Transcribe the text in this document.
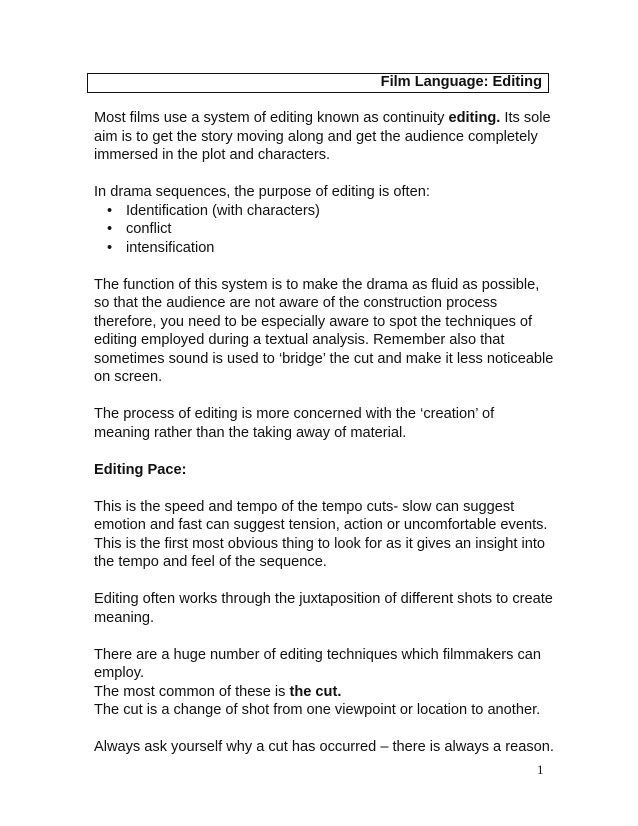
Film Language: Editing

Most films use a system of editing known as continuity editing. Its sole aim is to get the story moving along and get the audience completely immersed in the plot and characters.

In drama sequences, the purpose of editing is often:

• Identification (with characters)
• conflict
• intensification

The function of this system is to make the drama as fluid as possible, so that the audience are not aware of the construction process therefore, you need to be especially aware to spot the techniques of editing employed during a textual analysis. Remember also that sometimes sound is used to ‘bridge’ the cut and make it less noticeable on screen.

The process of editing is more concerned with the ‘creation’ of meaning rather than the taking away of material.

Editing Pace:

This is the speed and tempo of the tempo cuts- slow can suggest emotion and fast can suggest tension, action or uncomfortable events. This is the first most obvious thing to look for as it gives an insight into the tempo and feel of the sequence.

Editing often works through the juxtaposition of different shots to create meaning.

There are a huge number of editing techniques which filmmakers can employ.

The most common of these is the cut.

The cut is a change of shot from one viewpoint or location to another.

Always ask yourself why a cut has occurred – there is always a reason.

1
